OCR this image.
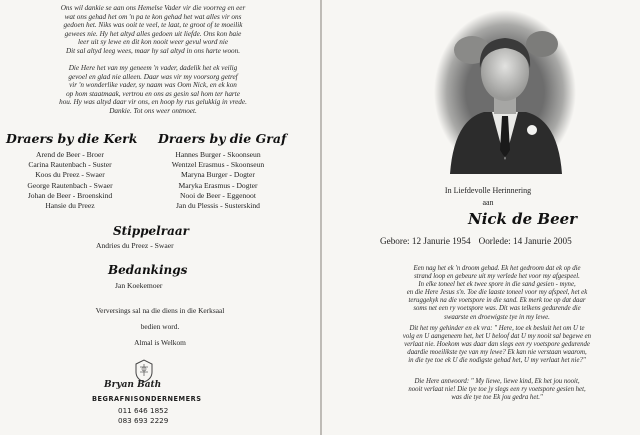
Ons wil dankie se aan ons Hemelse Vader vir die voorreg en eer

wat ons gehad het om 'n pa te kon gehad het wat alles vir ons

gedoen het. Niks was ooit te veel, te laat, te groot of te moeilik

gewees nie. Hy het altyd alles gedoen uit liefde. Ons kon baie

leer uit sy lewe en dit kon nooit weer gevul word nie

Dit sal altyd leeg wees, maar hy sal altyd in ons harte woon.

Die Here het van my geneem 'n vader, dadelik het ek veilig

gevoel en glad nie alleen. Daar was vir my voorsorg getref

vir 'n wonderlike vader, sy naam was Oom Nick, en ek kon

op hom staatmaak, vertrou en ons as gesin sal hom ter harte

hou. Hy was altyd daar vir ons, en hoop hy rus gelukkig in vrede.

Dankie. Tot ons weer ontmoet.

Draers by die Kerk
Arend de Beer - Broer
Carina Rautenbach - Suster
Koos du Preez - Swaer
George Rautenbach - Swaer
Johan de Beer - Broenskind
Hansie du Preez
Draers by die Graf
Hannes Burger - Skoonseun
Wentzel Erasmus - Skoonseun
Maryna Burger - Dogter
Maryka Erasmus - Dogter
Nooi de Beer - Eggenoot
Jan du Plessis - Susterskind
Stippelraar
Andries du Preez - Swaer
Bedankings
Jan Koekemoer
Verversings sal na die diens in die Kerksaal
bedien word.
Almal is Welkom
Bryan Bath
BEGRAFNISONDERNEMERS
011 646 1852
083 693 2229
In Liefdevolle Herinnering
aan
Nick de Beer
Gebore: 12 Janurie 1954 Oorlede: 14 Janurie 2005
Een nag het ek 'n droom gehad. Ek het gedroom dat ek op die
strand loop en gebeure uit my verlede het voor my afgespeel.
In elke toneel het ek twee spore in die sand gesien - myne,
en die Here Jesus s'n. Toe die laaste toneel voor my afspeel, het ek
teruggekyk na die voetspore in die sand. Ek merk toe op dat daar
soms net een ry voetspore was. Dit was telkens gedurende die
swaarste en droewigste tye in my lewe.
Dit het my gehinder en ek vra: " Here, toe ek besluit het om U te
volg en U aangeneem het, het U beloof dat U my nooit sal begewe en
verlaat nie. Hoekom was daar dan slegs een ry voetspore gedurende
daardie moeilikste tye van my lewe? Ek kan nie verstaan waarom,
in die tye toe ek U die nodigste gehad het, U my verlaat het nie?"
Die Here antwoord: " My liewe, liewe kind, Ek het jou nooit,
nooit verlaat nie! Die tye toe jy slegs een ry voetspore gesien het,
was die tye toe Ek jou gedra het."
